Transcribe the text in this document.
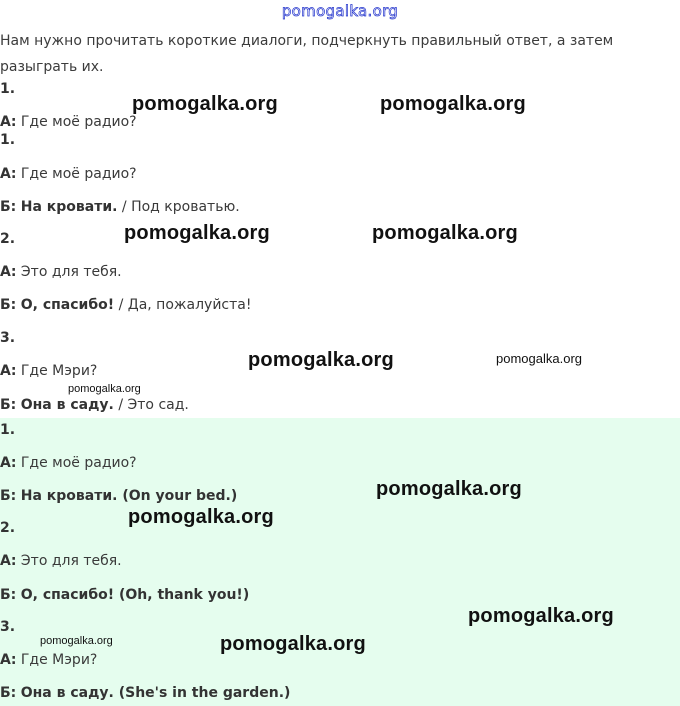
pomogalka.org
Нам нужно прочитать короткие диалоги, подчеркнуть правильный ответ, а затем разыграть их.
1.
А: Где моё радио?
1.
А: Где моё радио?
Б: На кровати. / Под кроватью.
2.
А: Это для тебя.
Б: О, спасибо! / Да, пожалуйста!
3.
А: Где Мэри?
Б: Она в саду. / Это сад.
1.
А: Где моё радио?
Б: На кровати. (On your bed.)
2.
А: Это для тебя.
Б: О, спасибо! (Oh, thank you!)
3.
А: Где Мэри?
Б: Она в саду. (She's in the garden.)
pomogalka.org	pomogalka.org
pomogalka.org	pomogalka.org
pomogalka.org	pomogalka.org
pomogalka.org
pomogalka.org
pomogalka.org
pomogalka.org
pomogalka.org	pomogalka.org
